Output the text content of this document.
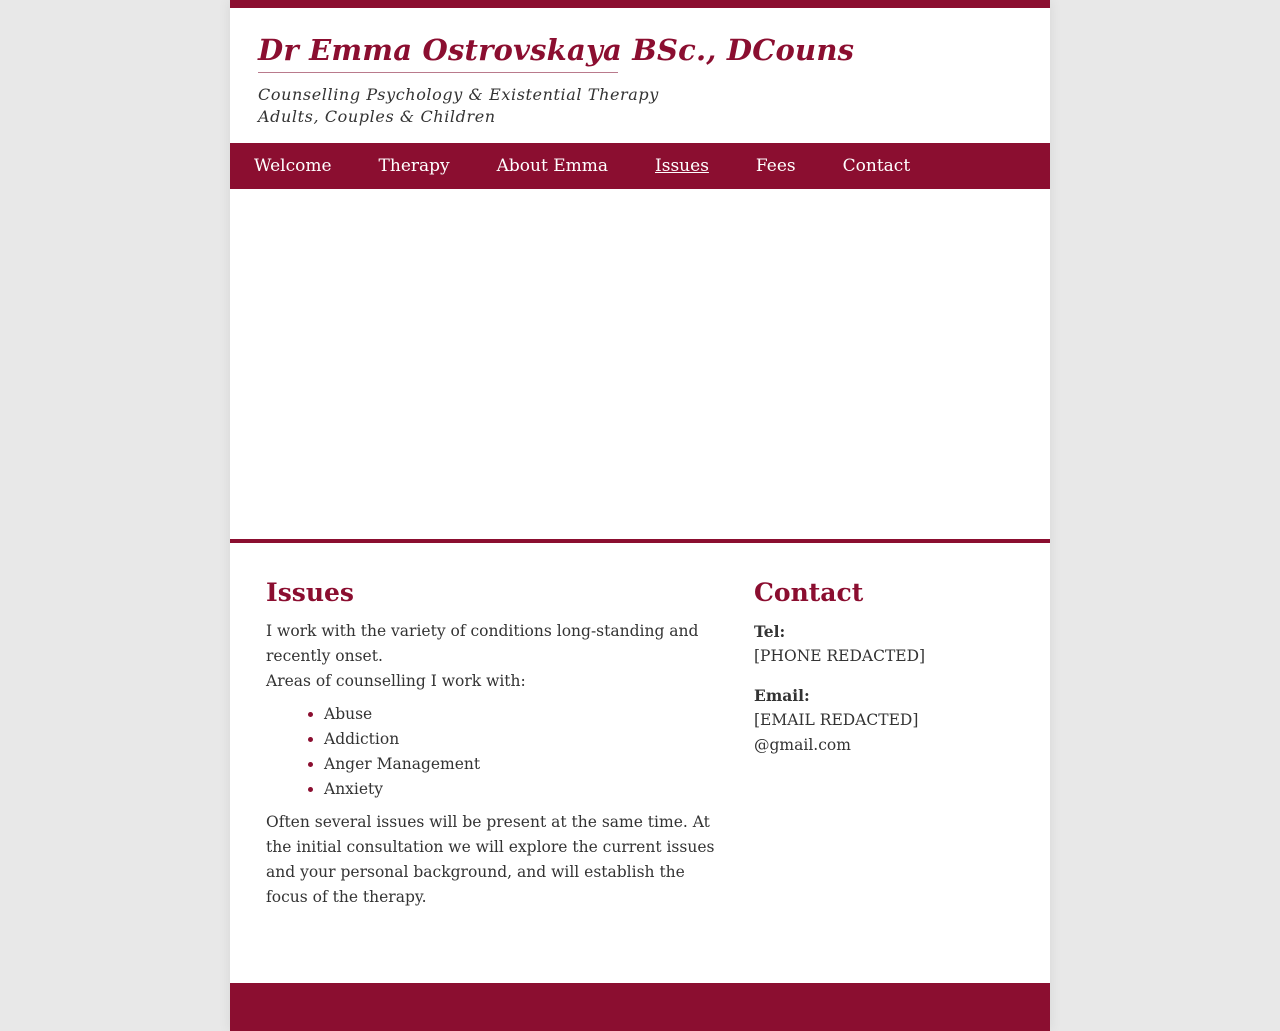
Dr Emma Ostrovskaya BSc., DCouns
Counselling Psychology & Existential Therapy
Adults, Couples & Children
Welcome	Therapy	About Emma	Issues	Fees	Contact
Issues

I work with the variety of conditions long-standing and recently onset.
Areas of counselling I work with:

• Abuse
• Addiction
• Anger Management
• Anxiety

Often several issues will be present at the same time. At the initial consultation we will explore the current issues and your personal background, and will establish the focus of the therapy.

Contact
Tel:
[PHONE REDACTED]
Email:
[EMAIL REDACTED]
@gmail.com
